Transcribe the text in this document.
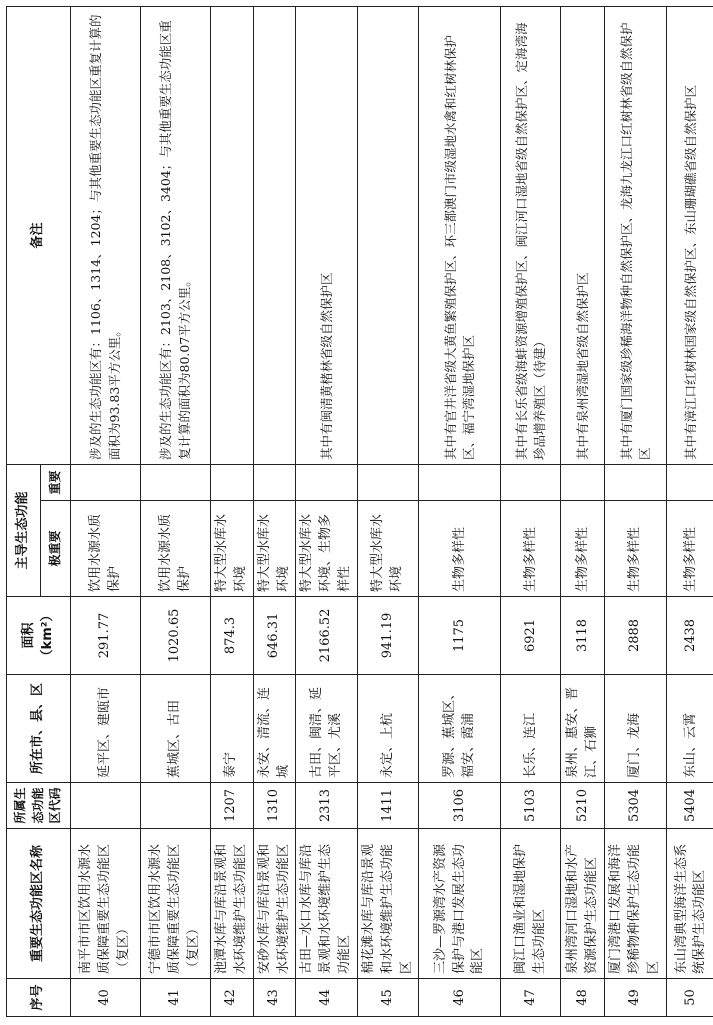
序号	重要生态功能区名称	所属生态功能区代码	所在市、县、区	面积（km²）	主导生态功能		备注
					极重要	重要	
40	南平市市区饮用水源水质保障重要生态功能区（复区）		延平区、建瓯市	291.77	饮用水源水质保护		涉及的生态功能区有：1106、1314、1204；与其他重要生态功能区重复计算的面积为93.83平方公里。
41	宁德市市区饮用水源水质保障重要生态功能区（复区）		蕉城区、古田	1020.65	饮用水源水质保护		涉及的生态功能区有：2103、2108、3102、3404；与其他重要生态功能区重复计算的面积为80.07平方公里。
42	池潭水库与库沿景观和水环境维护生态功能区	1207	泰宁	874.3	特大型水库水环境		
43	安砂水库与库沿景观和水环境维护生态功能区	1310	永安、清流、连城	646.31	特大型水库水环境		
44	古田—水口水库与库沿景观和水环境维护生态功能区	2313	古田、闽清、延平区、尤溪	2166.52	特大型水库水环境、生物多样性		其中有闽清黄楮林省级自然保护区
45	棉花滩水库与库沿景观和水环境维护生态功能区	1411	永定、上杭	941.19	特大型水库水环境		
46	三沙—罗源湾水产资源保护与港口发展生态功能区	3106	罗源、蕉城区、福安、霞浦	1175	生物多样性		其中有官井洋省级大黄鱼繁殖保护区、环三都澳门市级湿地水禽和红树林保护区、福宁湾湿地保护区
47	闽江口渔业和湿地保护生态功能区	5103	长乐、连江	6921	生物多样性		其中有长乐省级海蚌资源增殖保护区、闽江河口湿地省级自然保护区、定海湾海珍品增养殖区（待建）
48	泉州湾河口湿地和水产资源保护生态功能区	5210	泉州、惠安、晋江、石狮	3118	生物多样性		其中有泉州湾湿地省级自然保护区
49	厦门湾港口发展和海洋珍稀物种保护生态功能区	5304	厦门、龙海	2888	生物多样性		其中有厦门国家级珍稀海洋物种自然保护区、龙海九龙江口红树林省级自然保护区
50	东山湾典型海洋生态系统保护生态功能区	5404	东山、云霄	2438	生物多样性		其中有漳江口红树林国家级自然保护区、东山珊瑚礁省级自然保护区
